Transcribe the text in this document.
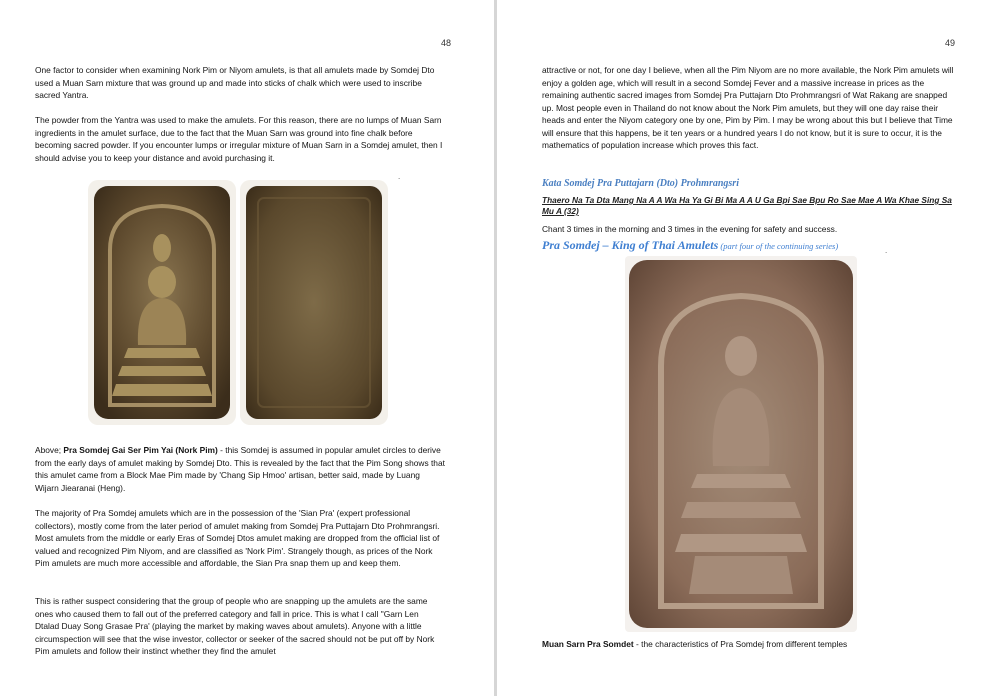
48

One factor to consider when examining Nork Pim or Niyom amulets, is that all amulets made by Somdej Dto used a Muan Sarn mixture that was ground up and made into sticks of chalk which were used to inscribe sacred Yantra.

The powder from the Yantra was used to make the amulets. For this reason, there are no lumps of Muan Sarn ingredients in the amulet surface, due to the fact that the Muan Sarn was ground into fine chalk before becoming sacred powder. If you encounter lumps or irregular mixture of Muan Sarn in a Somdej amulet, then I should advise you to keep your distance and avoid purchasing it.

.

Above; Pra Somdej Gai Ser Pim Yai (Nork Pim) - this Somdej is assumed in popular amulet circles to derive from the early days of amulet making by Somdej Dto. This is revealed by the fact that the Pim Song shows that this amulet came from a Block Mae Pim made by 'Chang Sip Hmoo' artisan, better said, made by Luang Wijarn Jiearanai (Heng).

The majority of Pra Somdej amulets which are in the possession of the 'Sian Pra' (expert professional collectors), mostly come from the later period of amulet making from Somdej Pra Puttajarn Dto Prohmrangsri. Most amulets from the middle or early Eras of Somdej Dtos amulet making are dropped from the official list of valued and recognized Pim Niyom, and are classified as 'Nork Pim'. Strangely though, as prices of the Nork Pim amulets are much more accessible and affordable, the Sian Pra snap them up and keep them.

This is rather suspect considering that the group of people who are snapping up the amulets are the same ones who caused them to fall out of the preferred category and fall in price. This is what I call "Garn Len Dtalad Duay Song Grasae Pra' (playing the market by making waves about amulets). Anyone with a little circumspection will see that the wise investor, collector or seeker of the sacred should not be put off by Nork Pim amulets and follow their instinct whether they find the amulet

49

attractive or not, for one day I believe, when all the Pim Niyom are no more available, the Nork Pim amulets will enjoy a golden age, which will result in a second Somdej Fever and a massive increase in prices as the remaining authentic sacred images from Somdej Pra Puttajarn Dto Prohmrangsri of Wat Rakang are snapped up. Most people even in Thailand do not know about the Nork Pim amulets, but they will one day raise their heads and enter the Niyom category one by one, Pim by Pim. I may be wrong about this but I believe that Time will ensure that this happens, be it ten years or a hundred years I do not know, but it is sure to occur, it is the mathematics of population increase which proves this fact.

Kata Somdej Pra Puttajarn (Dto) Prohmrangsri
Thaero Na Ta Dta Mang Na A A Wa Ha Ya Gi Bi Ma A A U Ga Bpi Sae Bpu Ro Sae Mae A Wa Khae Sing Sa Mu A (32)
Chant 3 times in the morning and 3 times in the evening for safety and success.
Pra Somdej – King of Thai Amulets (part four of the continuing series)	.
Muan Sarn Pra Somdet - the characteristics of Pra Somdej from different temples
